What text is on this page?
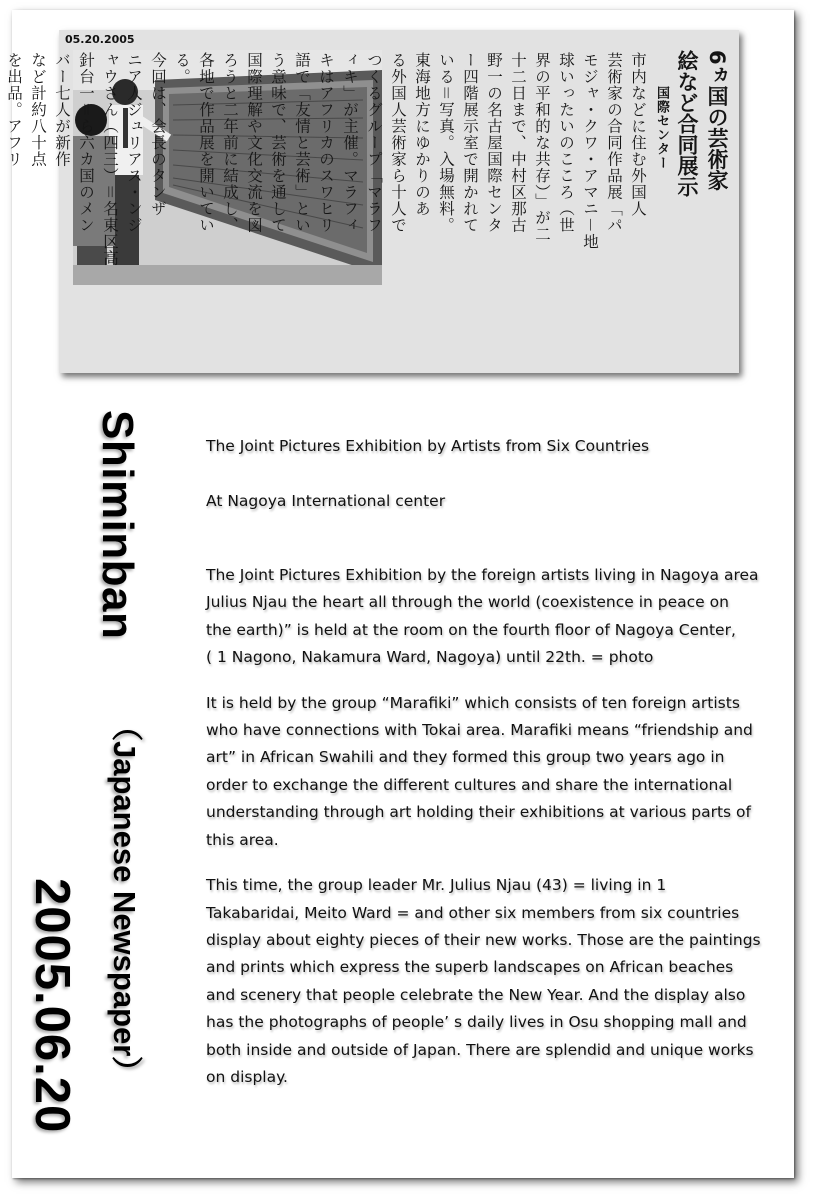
05.20.2005
6ヵ国の芸術家
絵など合同展示
国際センター
市内などに住む外国人
芸術家の合同作品展「パ
モジャ・クワ・アマニ－地
球いったいのこころ（世
界の平和的な共存）」が二
十二日まで、中村区那古
野一の名古屋国際センタ
ー四階展示室で開かれて
いる＝写真。入場無料。
東海地方にゆかりのあ
る外国人芸術家ら十人で
つくるグループ「マラフ
ィキ」が主催。マラフィ
キはアフリカのスワヒリ
語で「友情と芸術」とい
う意味で、芸術を通して
国際理解や文化交流を図
ろうと二年前に結成し、
各地で作品展を開いてい
る。
今回は、会長のタンザ
ニア人ジュリアス・ンジ
ャウさん（四三）＝名東区高
針台一＝ら六カ国のメン
バー七人が新作
など計約八十点
を出品。アフリ
Shiminban
（Japanese Newspaper）
2005.06.20

The Joint Pictures Exhibition by Artists from Six Countries

At Nagoya International center

The Joint Pictures Exhibition by the foreign artists living in Nagoya area
Julius Njau the heart all through the world (coexistence in peace on
the earth)” is held at the room on the fourth floor of Nagoya Center,
( 1 Nagono, Nakamura Ward, Nagoya) until 22th. = photo
It is held by the group “Marafiki” which consists of ten foreign artists
who have connections with Tokai area. Marafiki means “friendship and
art” in African Swahili and they formed this group two years ago in
order to exchange the different cultures and share the international
understanding through art holding their exhibitions at various parts of
this area.
This time, the group leader Mr. Julius Njau (43) = living in 1
Takabaridai, Meito Ward = and other six members from six countries
display about eighty pieces of their new works. Those are the paintings
and prints which express the superb landscapes on African beaches
and scenery that people celebrate the New Year. And the display also
has the photographs of people’ s daily lives in Osu shopping mall and
both inside and outside of Japan. There are splendid and unique works
on display.
